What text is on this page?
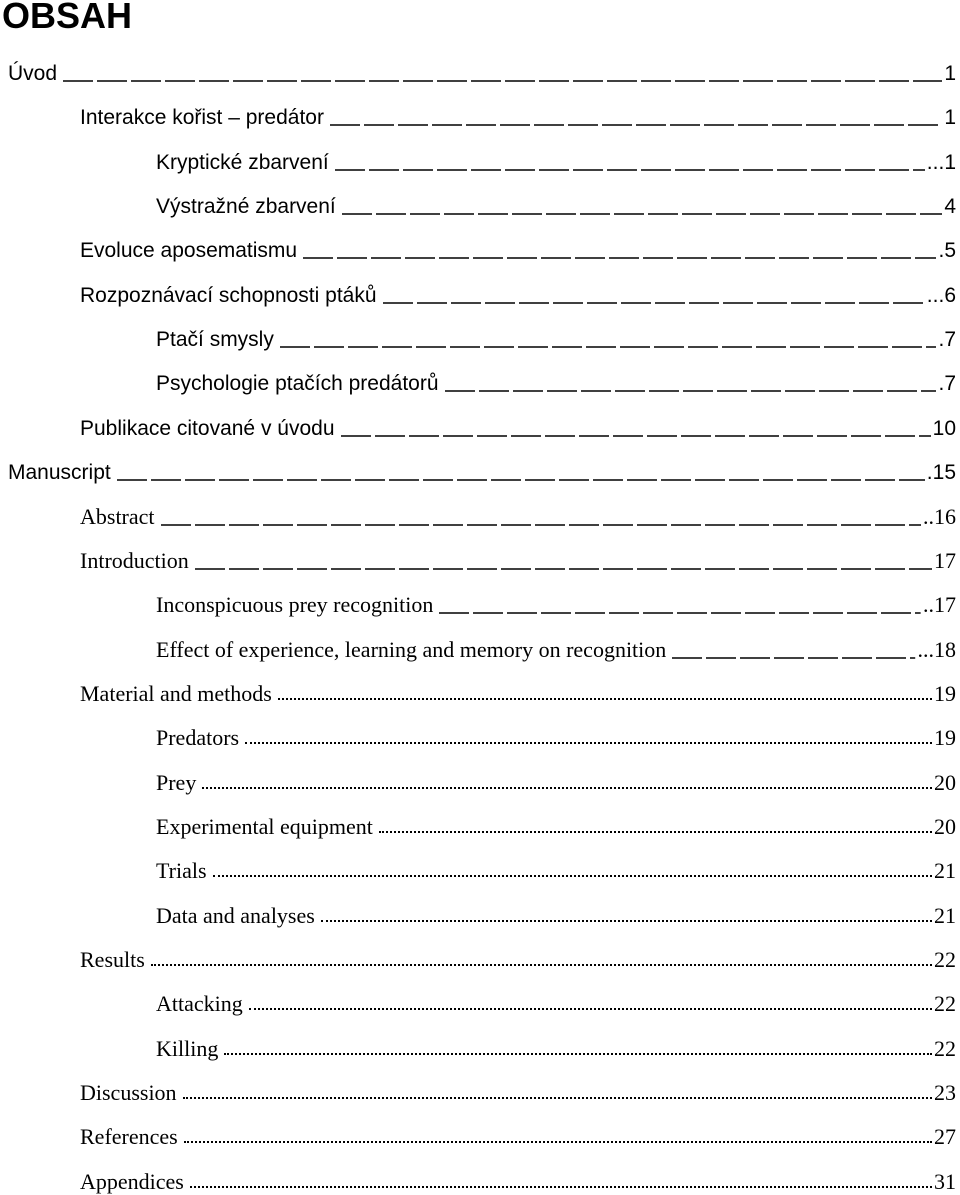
OBSAH
Úvod	1
Interakce kořist – predátor	1
Kryptické zbarvení	...1
Výstražné zbarvení	4
Evoluce aposematismu	.5
Rozpoznávací schopnosti ptáků	...6
Ptačí smysly	.7
Psychologie ptačích predátorů	.7
Publikace citované v úvodu	10
Manuscript	.15
Abstract	..16
Introduction	17
Inconspicuous prey recognition	..17
Effect of experience, learning and memory on recognition	...18
Material and methods	19
Predators	19
Prey	20
Experimental equipment	20
Trials	21
Data and analyses	21
Results	22
Attacking	22
Killing	22
Discussion	23
References	27
Appendices	31
